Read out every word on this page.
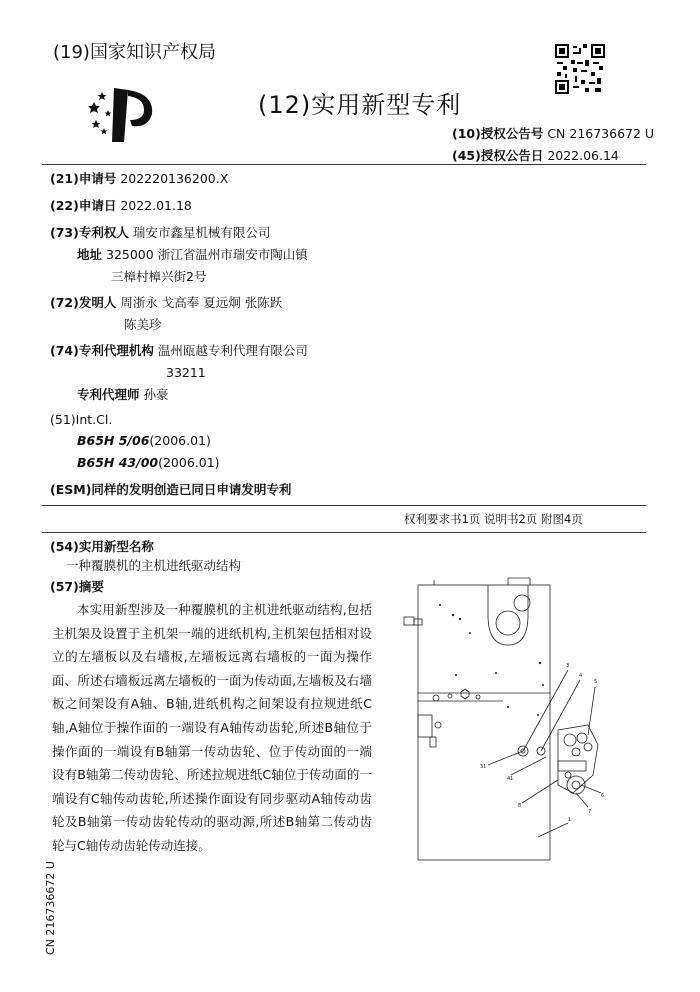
(19)国家知识产权局
(12)实用新型专利
(10)授权公告号 CN 216736672 U
(45)授权公告日 2022.06.14
(21)申请号 202220136200.X
(22)申请日 2022.01.18
(73)专利权人 瑞安市鑫星机械有限公司
地址 325000 浙江省温州市瑞安市陶山镇
三樟村樟兴街2号
(72)发明人 周浙永 戈高奉 夏远炯 张陈跃
陈美珍
(74)专利代理机构 温州瓯越专利代理有限公司
33211
专利代理师 孙豪
(51)Int.Cl.
B65H 5/06(2006.01)
B65H 43/00(2006.01)
(ESM)同样的发明创造已同日申请发明专利
权利要求书1页 说明书2页 附图4页
(54)实用新型名称
一种覆膜机的主机进纸驱动结构
(57)摘要
本实用新型涉及一种覆膜机的主机进纸驱动结构,包括主机架及设置于主机架一端的进纸机构,主机架包括相对设立的左墙板以及右墙板,左墙板远离右墙板的一面为操作面、所述右墙板远离左墙板的一面为传动面,左墙板及右墙板之间架设有A轴、B轴,进纸机构之间架设有拉规进纸C轴,A轴位于操作面的一端设有A轴传动齿轮,所述B轴位于操作面的一端设有B轴第一传动齿轮、位于传动面的一端设有B轴第二传动齿轮、所述拉规进纸C轴位于传动面的一端设有C轴传动齿轮,所述操作面设有同步驱动A轴传动齿轮及B轴第一传动齿轮传动的驱动源,所述B轴第二传动齿轮与C轴传动齿轮传动连接。
CN 216736672 U
3
4
5
31
41
6
7
8
1
